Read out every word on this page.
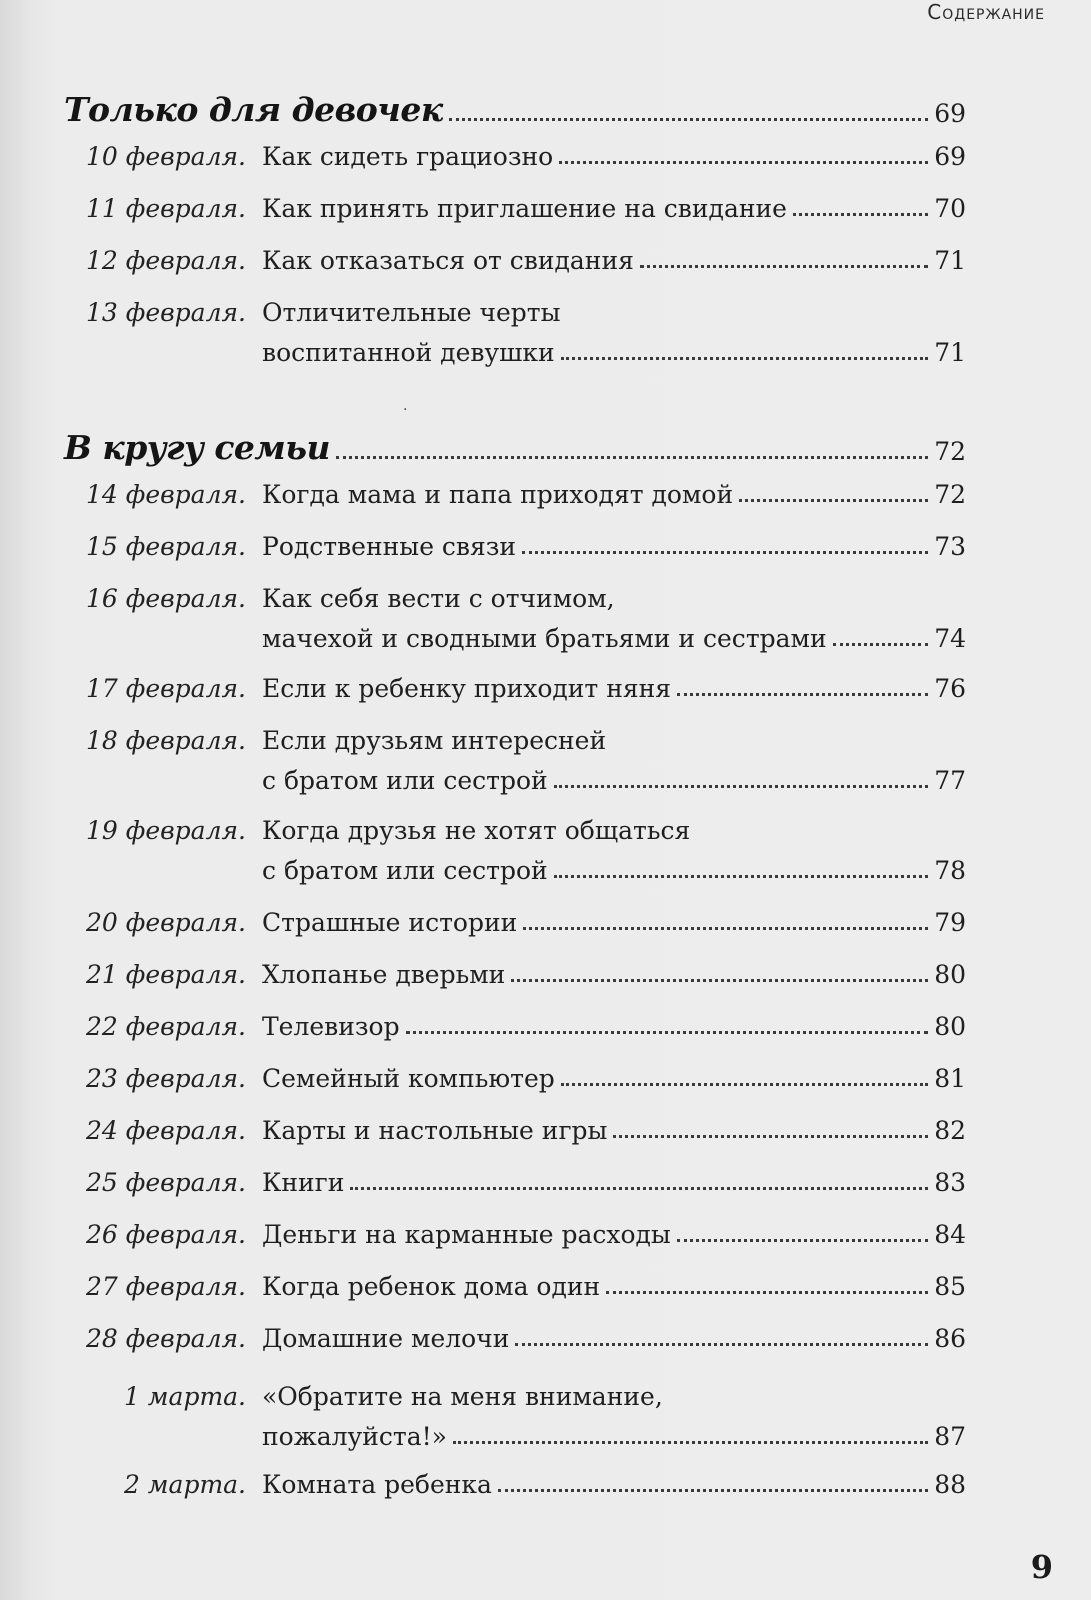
Содержание
Только для девочек	69
10 февраля. Как сидеть грациозно	69
11 февраля. Как принять приглашение на свидание	70
12 февраля. Как отказаться от свидания	71
13 февраля. Отличительные черты
воспитанной девушки	71
В кругу семьи	72
14 февраля. Когда мама и папа приходят домой	72
15 февраля. Родственные связи	73
16 февраля. Как себя вести с отчимом,
мачехой и сводными братьями и сестрами	74
17 февраля. Если к ребенку приходит няня	76
18 февраля. Если друзьям интересней
с братом или сестрой	77
19 февраля. Когда друзья не хотят общаться
с братом или сестрой	78
20 февраля. Страшные истории	79
21 февраля. Хлопанье дверьми	80
22 февраля. Телевизор	80
23 февраля. Семейный компьютер	81
24 февраля. Карты и настольные игры	82
25 февраля. Книги	83
26 февраля. Деньги на карманные расходы	84
27 февраля. Когда ребенок дома один	85
28 февраля. Домашние мелочи	86
1 марта. «Обратите на меня внимание,
пожалуйста!»	87
2 марта. Комната ребенка	88
.
9
